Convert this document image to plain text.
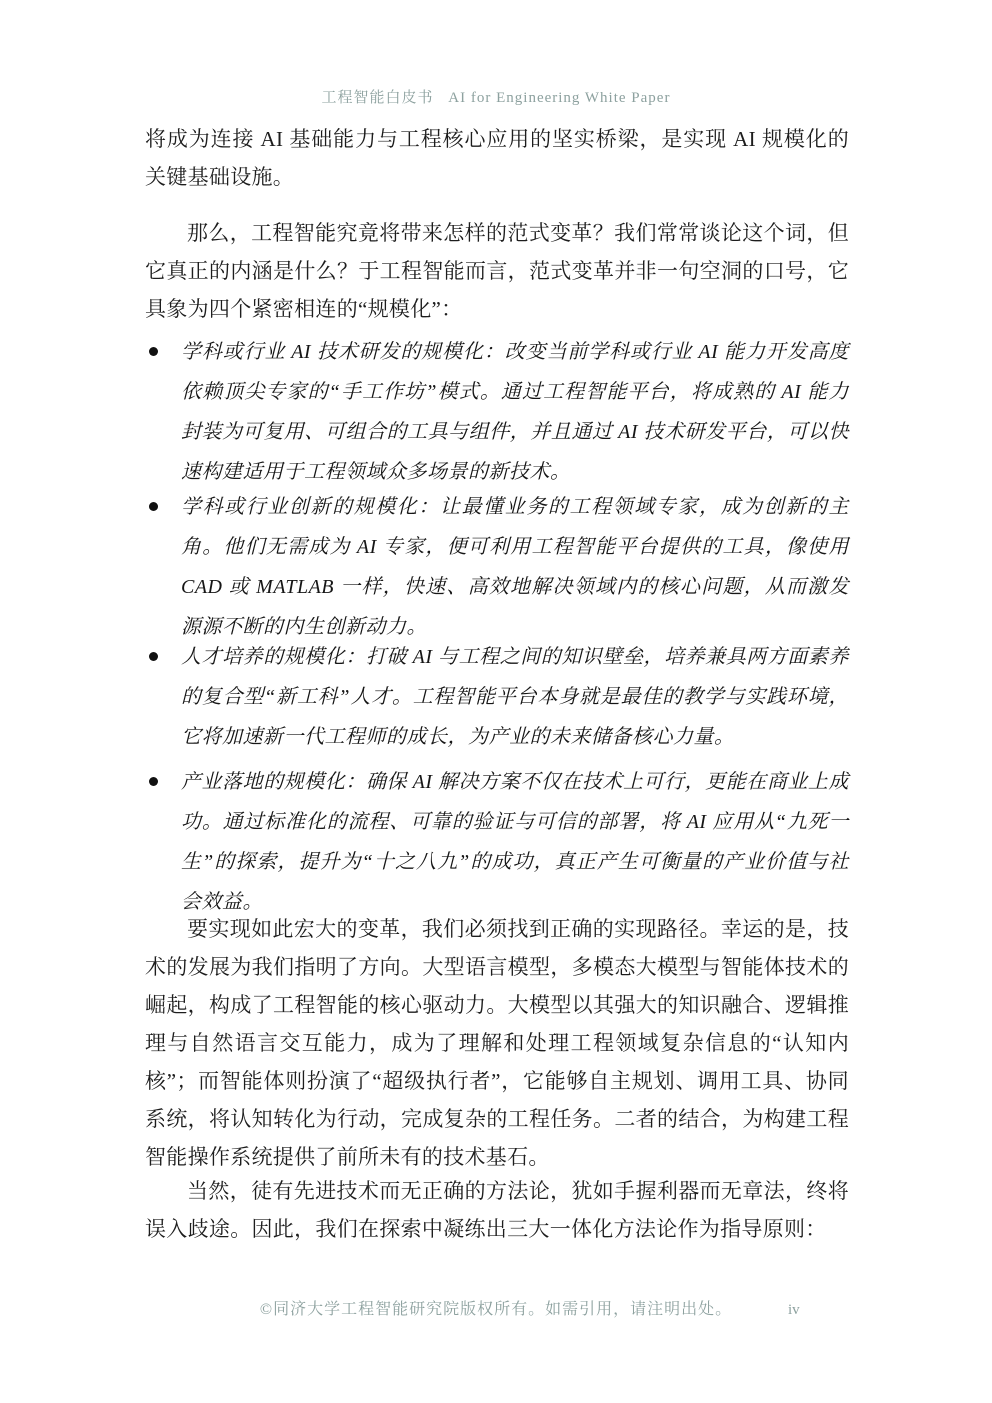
工程智能白皮书 AI for Engineering White Paper

将成为连接 AI 基础能力与工程核心应用的坚实桥梁，是实现 AI 规模化的关键基础设施。

那么，工程智能究竟将带来怎样的范式变革？我们常常谈论这个词，但它真正的内涵是什么？于工程智能而言，范式变革并非一句空洞的口号，它具象为四个紧密相连的“规模化”：

学科或行业 AI 技术研发的规模化：改变当前学科或行业 AI 能力开发高度依赖顶尖专家的“手工作坊”模式。通过工程智能平台，将成熟的 AI 能力封装为可复用、可组合的工具与组件，并且通过 AI 技术研发平台，可以快速构建适用于工程领域众多场景的新技术。
学科或行业创新的规模化：让最懂业务的工程领域专家，成为创新的主角。他们无需成为 AI 专家，便可利用工程智能平台提供的工具，像使用 CAD 或 MATLAB 一样，快速、高效地解决领域内的核心问题，从而激发源源不断的内生创新动力。
人才培养的规模化：打破 AI 与工程之间的知识壁垒，培养兼具两方面素养的复合型“新工科”人才。工程智能平台本身就是最佳的教学与实践环境，它将加速新一代工程师的成长，为产业的未来储备核心力量。
产业落地的规模化：确保 AI 解决方案不仅在技术上可行，更能在商业上成功。通过标准化的流程、可靠的验证与可信的部署，将 AI 应用从“九死一生”的探索，提升为“十之八九”的成功，真正产生可衡量的产业价值与社会效益。

要实现如此宏大的变革，我们必须找到正确的实现路径。幸运的是，技术的发展为我们指明了方向。大型语言模型，多模态大模型与智能体技术的崛起，构成了工程智能的核心驱动力。大模型以其强大的知识融合、逻辑推理与自然语言交互能力，成为了理解和处理工程领域复杂信息的“认知内核”；而智能体则扮演了“超级执行者”，它能够自主规划、调用工具、协同系统，将认知转化为行动，完成复杂的工程任务。二者的结合，为构建工程智能操作系统提供了前所未有的技术基石。

当然，徒有先进技术而无正确的方法论，犹如手握利器而无章法，终将误入歧途。因此，我们在探索中凝练出三大一体化方法论作为指导原则：

©同济大学工程智能研究院版权所有。如需引用，请注明出处。	iv
